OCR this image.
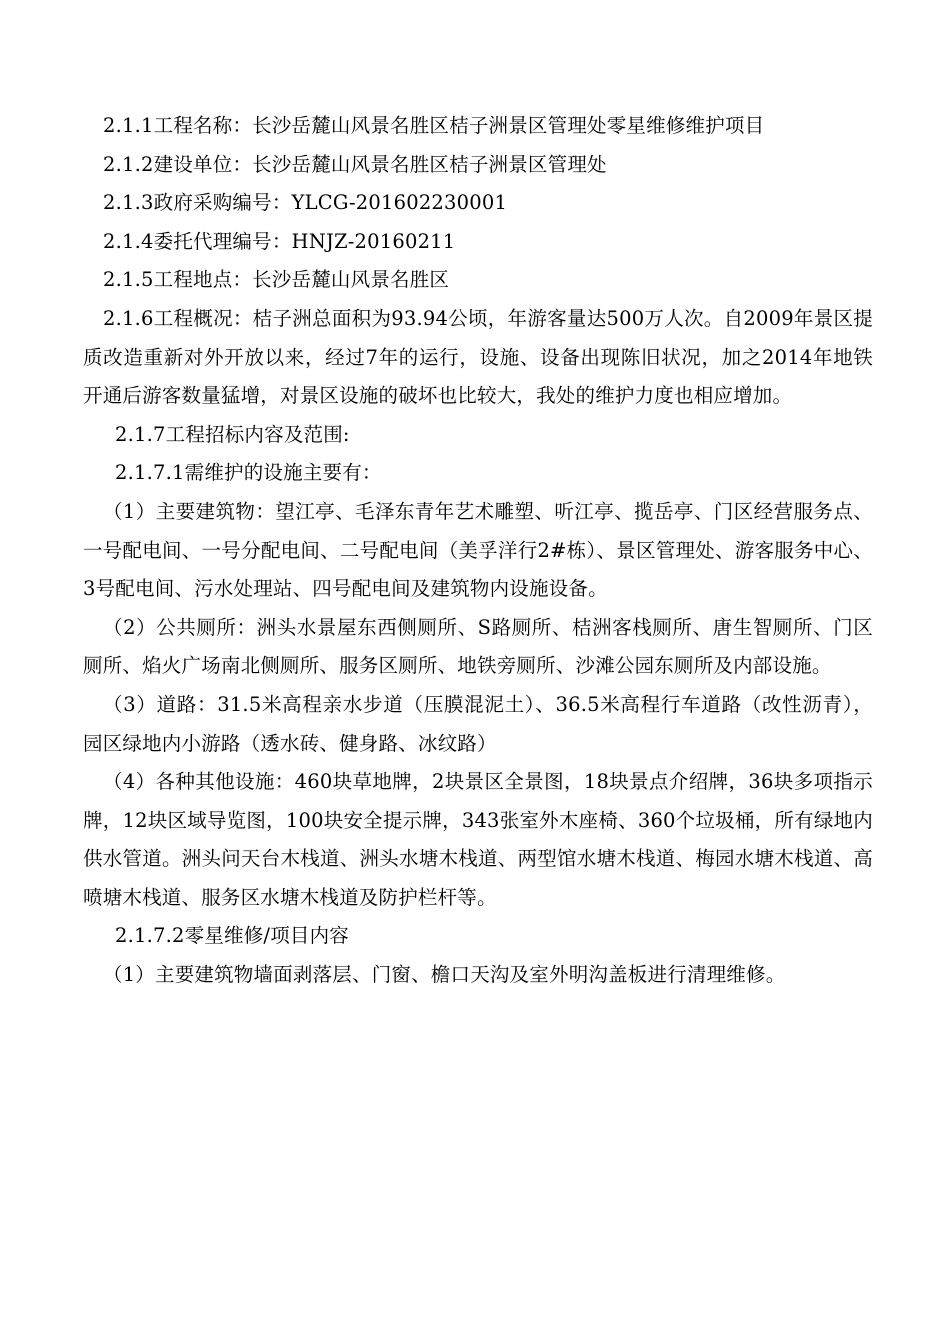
2.1.1工程名称：长沙岳麓山风景名胜区桔子洲景区管理处零星维修维护项目

2.1.2建设单位：长沙岳麓山风景名胜区桔子洲景区管理处

2.1.3政府采购编号：YLCG-201602230001

2.1.4委托代理编号：HNJZ-20160211

2.1.5工程地点：长沙岳麓山风景名胜区

2.1.6工程概况：桔子洲总面积为93.94公顷，年游客量达500万人次。自2009年景区提质改造重新对外开放以来，经过7年的运行，设施、设备出现陈旧状况，加之2014年地铁开通后游客数量猛增，对景区设施的破坏也比较大，我处的维护力度也相应增加。

2.1.7工程招标内容及范围:

2.1.7.1需维护的设施主要有：

（1）主要建筑物：望江亭、毛泽东青年艺术雕塑、听江亭、揽岳亭、门区经营服务点、一号配电间、一号分配电间、二号配电间（美孚洋行2#栋）、景区管理处、游客服务中心、3号配电间、污水处理站、四号配电间及建筑物内设施设备。

（2）公共厕所：洲头水景屋东西侧厕所、S路厕所、桔洲客栈厕所、唐生智厕所、门区厕所、焰火广场南北侧厕所、服务区厕所、地铁旁厕所、沙滩公园东厕所及内部设施。

（3）道路：31.5米高程亲水步道（压膜混泥土）、36.5米高程行车道路（改性沥青），园区绿地内小游路（透水砖、健身路、冰纹路）

（4）各种其他设施：460块草地牌，2块景区全景图，18块景点介绍牌，36块多项指示牌，12块区域导览图，100块安全提示牌，343张室外木座椅、360个垃圾桶，所有绿地内供水管道。洲头问天台木栈道、洲头水塘木栈道、两型馆水塘木栈道、梅园水塘木栈道、高喷塘木栈道、服务区水塘木栈道及防护栏杆等。

2.1.7.2零星维修/项目内容

（1）主要建筑物墙面剥落层、门窗、檐口天沟及室外明沟盖板进行清理维修。
